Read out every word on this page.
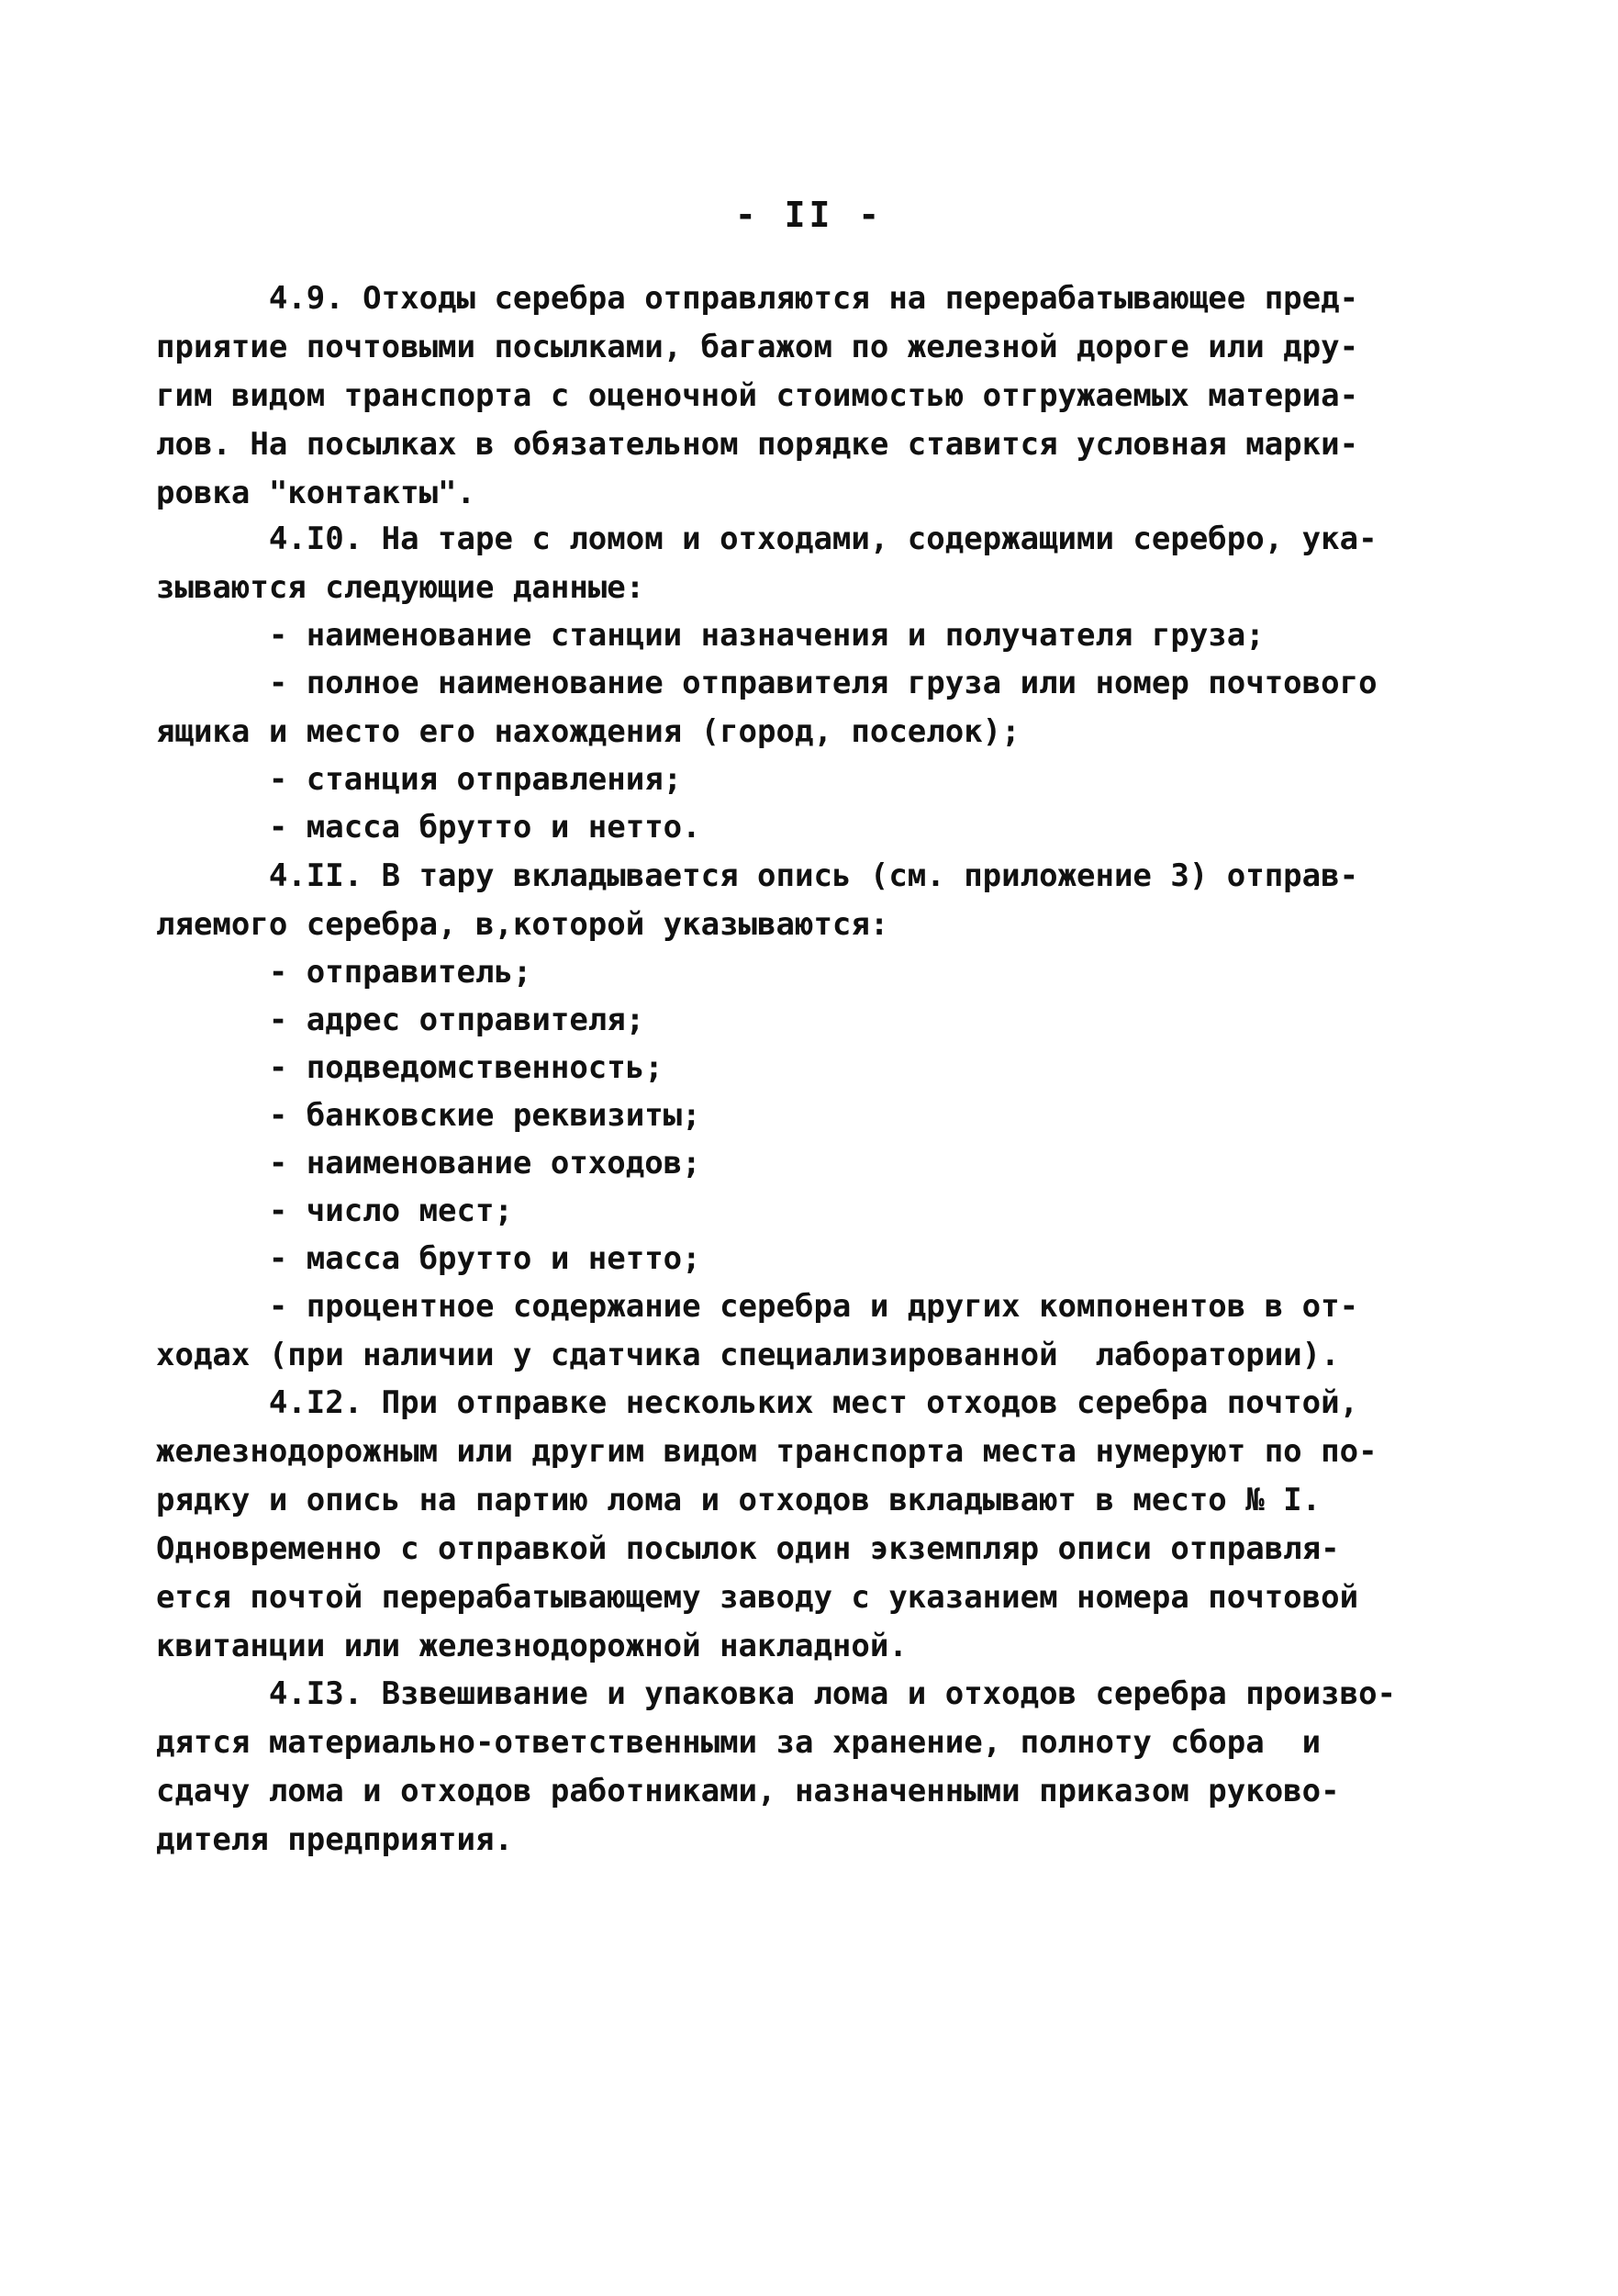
- II -
4.9. Отходы серебра отправляются на перерабатывающее пред-
приятие почтовыми посылками, багажом по железной дороге или дру-
гим видом транспорта с оценочной стоимостью отгружаемых материа-
лов. На посылках в обязательном порядке ставится условная марки-
ровка "контакты".
4.I0. На таре с ломом и отходами, содержащими серебро, ука-
зываются следующие данные:
- наименование станции назначения и получателя груза;
- полное наименование отправителя груза или номер почтового
ящика и место его нахождения (город, поселок);
- станция отправления;
- масса брутто и нетто.
4.II. В тару вкладывается опись (см. приложение 3) отправ-
ляемого серебра, в,которой указываются:
- отправитель;
- адрес отправителя;
- подведомственность;
- банковские реквизиты;
- наименование отходов;
- число мест;
- масса брутто и нетто;
- процентное содержание серебра и других компонентов в от-
ходах (при наличии у сдатчика специализированной  лаборатории).
4.I2. При отправке нескольких мест отходов серебра почтой,
железнодорожным или другим видом транспорта места нумеруют по по-
рядку и опись на партию лома и отходов вкладывают в место № I.
Одновременно с отправкой посылок один экземпляр описи отправля-
ется почтой перерабатывающему заводу с указанием номера почтовой
квитанции или железнодорожной накладной.
4.I3. Взвешивание и упаковка лома и отходов серебра произво-
дятся материально-ответственными за хранение, полноту сбора  и
сдачу лома и отходов работниками, назначенными приказом руково-
дителя предприятия.
